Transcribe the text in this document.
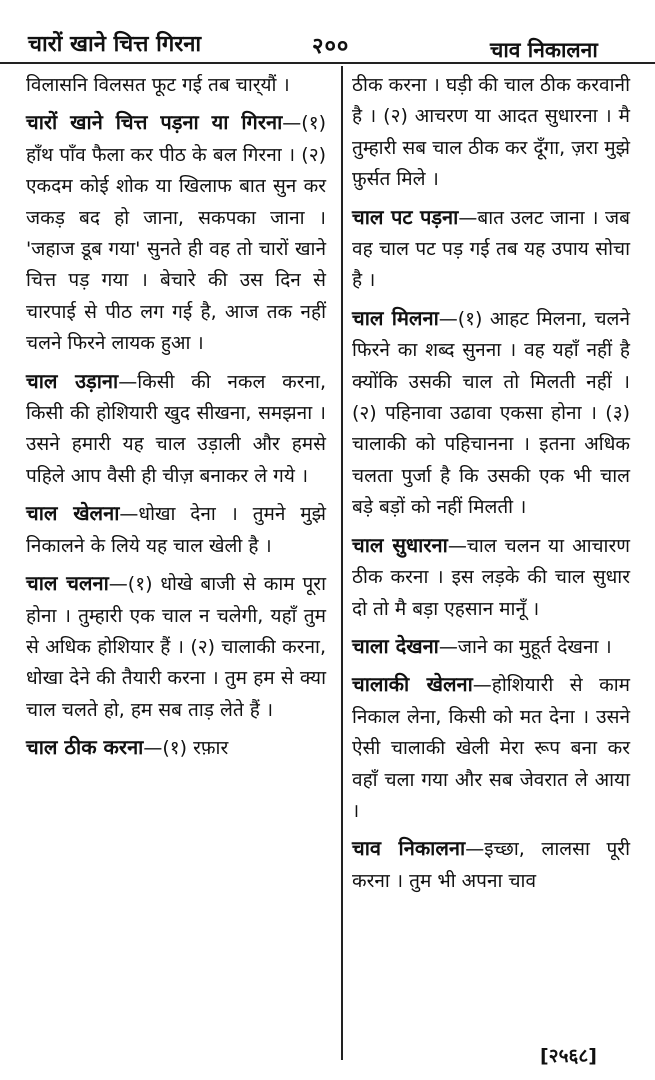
चारों खाने चित्त गिरना	२००	चाव निकालना
विलासनि विलसत फूट गई तब चार्‌यौं ।
चारों खाने चित्त पड़ना या गिरना—(१) हाँथ पाँव फैला कर पीठ के बल गिरना । (२) एकदम कोई शोक या खिलाफ बात सुन कर जकड़ बद हो जाना, सकपका जाना । 'जहाज डूब गया' सुनते ही वह तो चारों खाने चित्त पड़ गया । बेचारे की उस दिन से चारपाई से पीठ लग गई है, आज तक नहीं चलने फिरने लायक हुआ ।
चाल उड़ाना—किसी की नकल करना, किसी की होशियारी खुद सीखना, समझना । उसने हमारी यह चाल उड़ाली और हमसे पहिले आप वैसी ही चीज़ बनाकर ले गये ।
चाल खेलना—धोखा देना । तुमने मुझे निकालने के लिये यह चाल खेली है ।
चाल चलना—(१) धोखे बाजी से काम पूरा होना । तुम्हारी एक चाल न चलेगी, यहाँ तुम से अधिक होशियार हैं । (२) चालाकी करना, धोखा देने की तैयारी करना । तुम हम से क्या चाल चलते हो, हम सब ताड़ लेते हैं ।
चाल ठीक करना—(१) रफ़ार
ठीक करना । घड़ी की चाल ठीक करवानी है । (२) आचरण या आदत सुधारना । मै तुम्हारी सब चाल ठीक कर दूँगा, ज़रा मुझे फ़ुर्सत मिले ।
चाल पट पड़ना—बात उलट जाना । जब वह चाल पट पड़ गई तब यह उपाय सोचा है ।
चाल मिलना—(१) आहट मिलना, चलने फिरने का शब्द सुनना । वह यहाँ नहीं है क्योंकि उसकी चाल तो मिलती नहीं । (२) पहिनावा उढावा एकसा होना । (३) चालाकी को पहिचानना । इतना अधिक चलता पुर्जा है कि उसकी एक भी चाल बड़े बड़ों को नहीं मिलती ।
चाल सुधारना—चाल चलन या आचारण ठीक करना । इस लड़के की चाल सुधार दो तो मै बड़ा एहसान मानूँ ।
चाला देखना—जाने का मुहूर्त देखना ।
चालाकी खेलना—होशियारी से काम निकाल लेना, किसी को मत देना । उसने ऐसी चालाकी खेली मेरा रूप बना कर वहाँ चला गया और सब जेवरात ले आया ।
चाव निकालना—इच्छा, लालसा पूरी करना । तुम भी अपना चाव
[२५६८]
